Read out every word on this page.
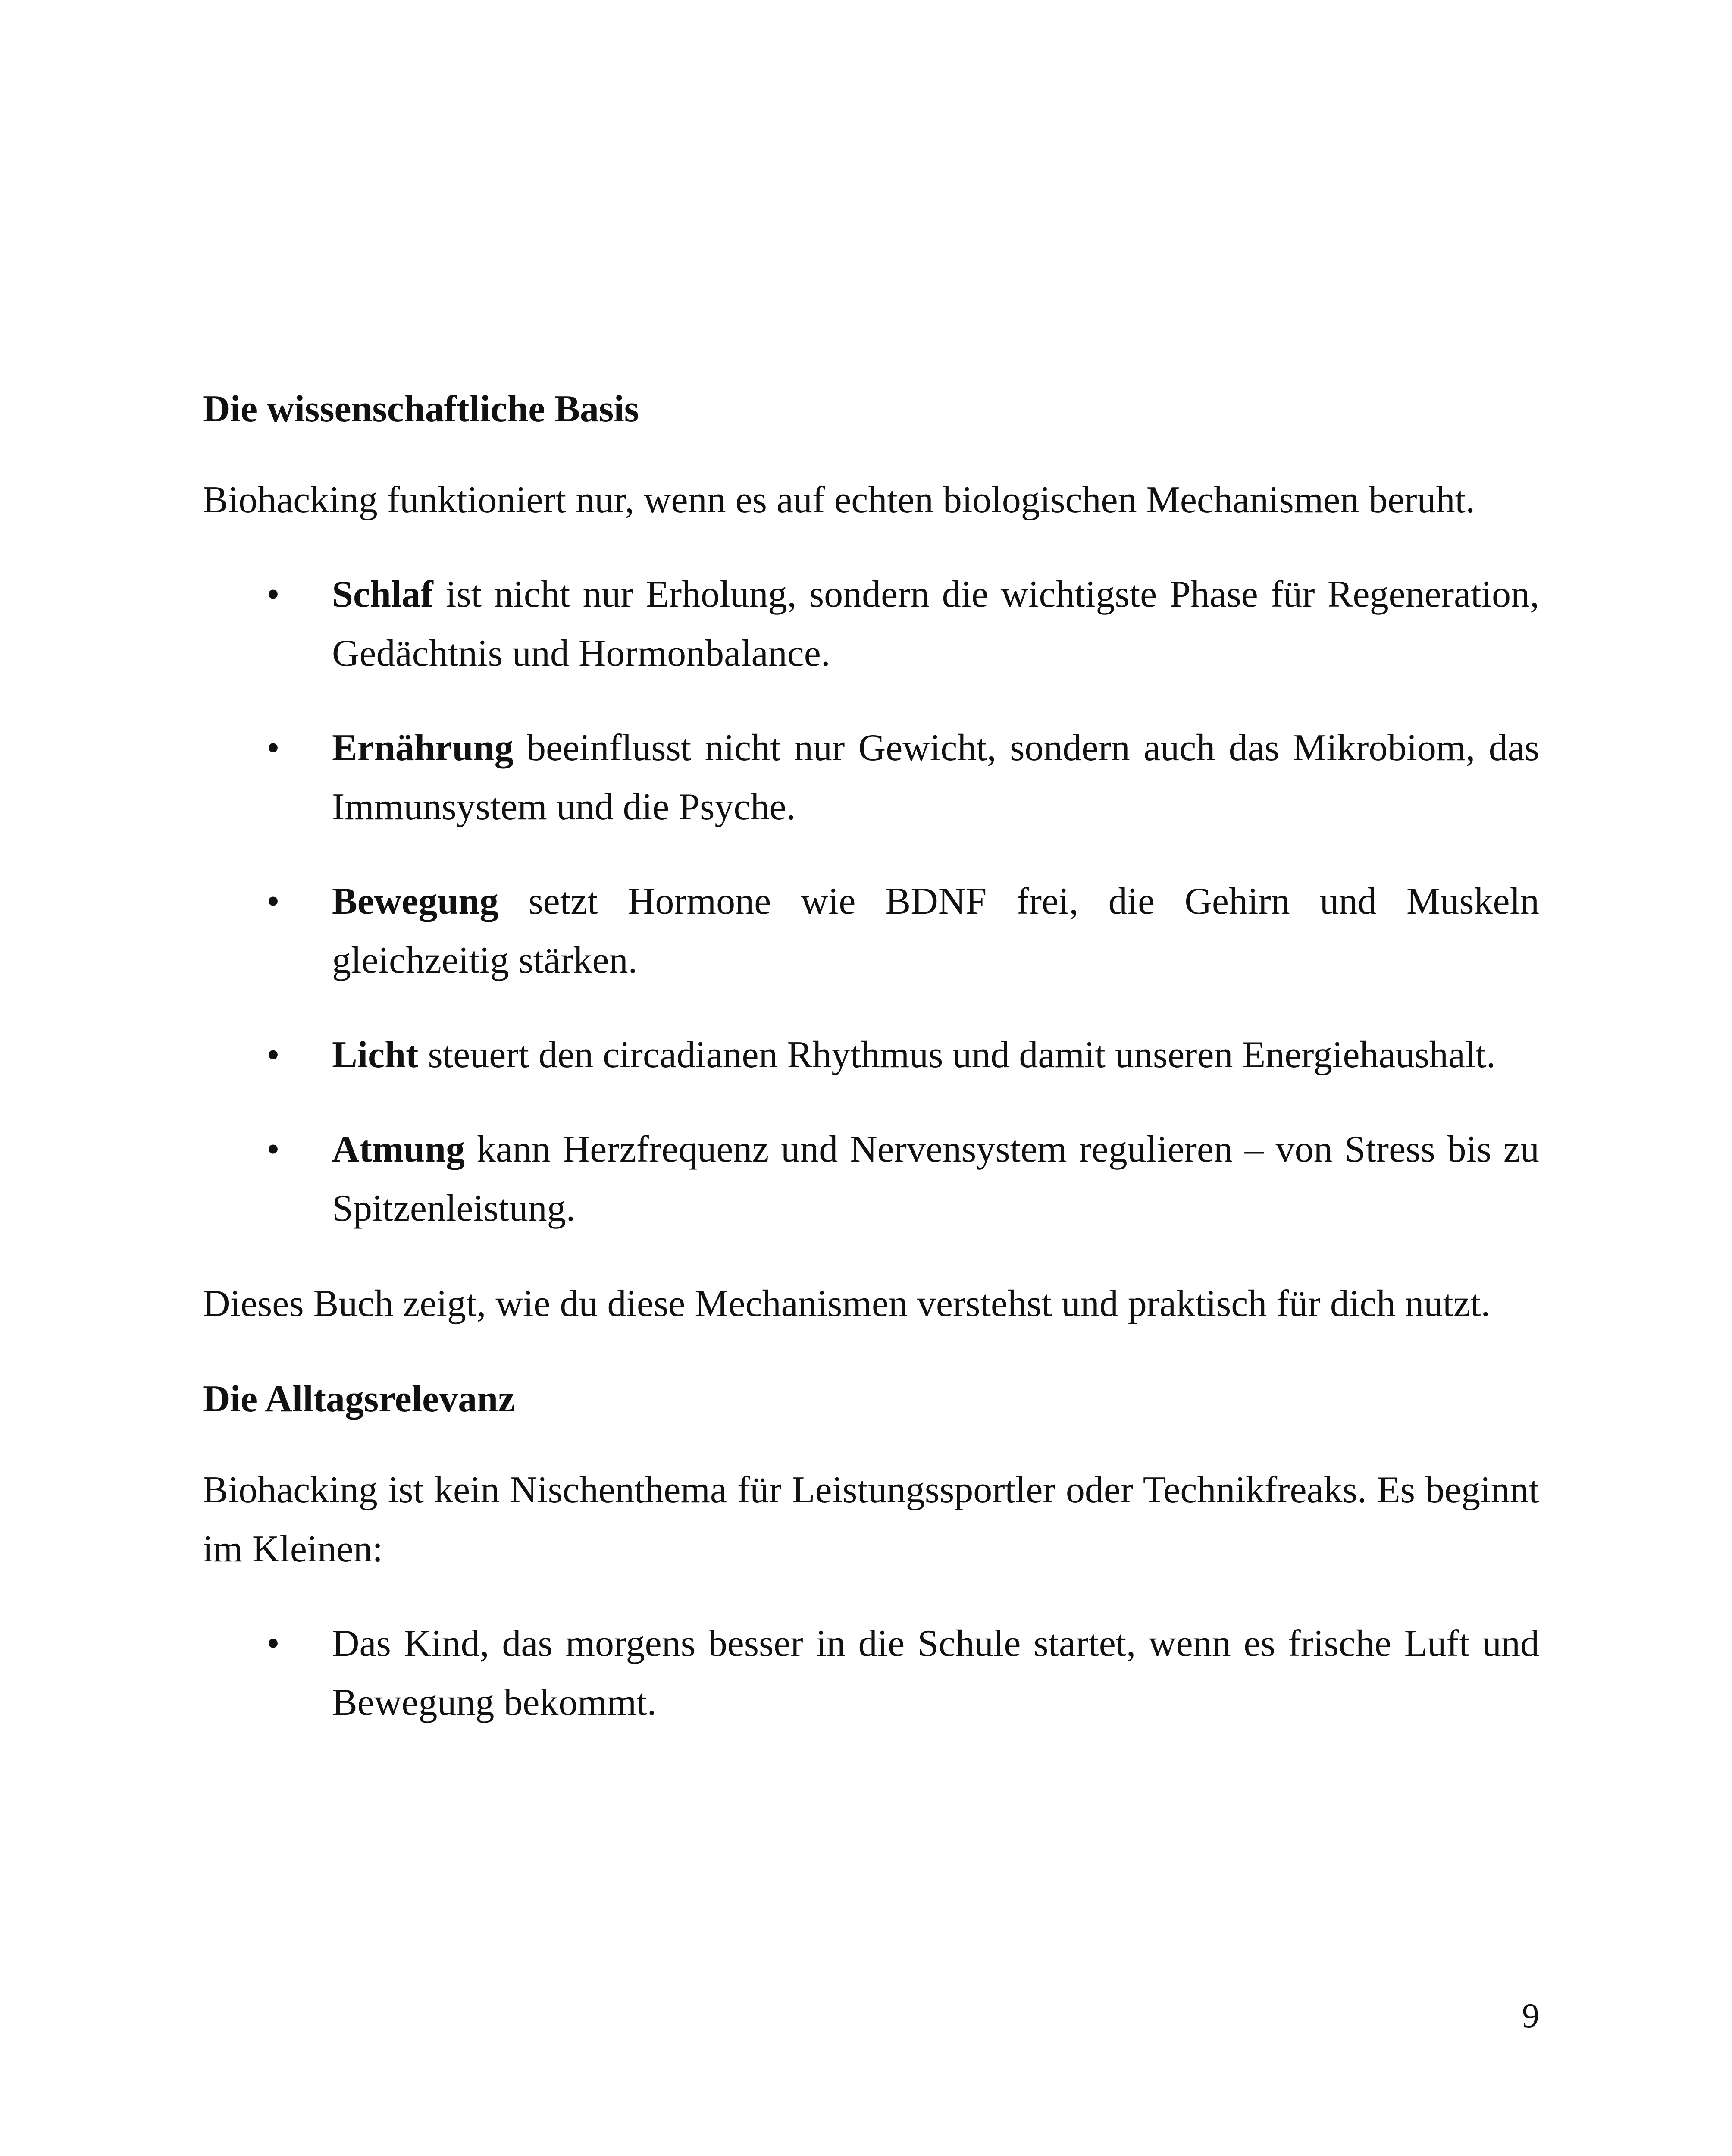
Die wissenschaftliche Basis

Biohacking funktioniert nur, wenn es auf echten biologischen Mechanismen beruht.

• Schlaf ist nicht nur Erholung, sondern die wichtigste Phase für Regeneration, Gedächtnis und Hormonbalance.
• Ernährung beeinflusst nicht nur Gewicht, sondern auch das Mikrobiom, das Immunsystem und die Psyche.
• Bewegung setzt Hormone wie BDNF frei, die Gehirn und Muskeln gleichzeitig stärken.
• Licht steuert den circadianen Rhythmus und damit unseren Energiehaushalt.
• Atmung kann Herzfrequenz und Nervensystem regulieren – von Stress bis zu Spitzenleistung.

Dieses Buch zeigt, wie du diese Mechanismen verstehst und praktisch für dich nutzt.

Die Alltagsrelevanz

Biohacking ist kein Nischenthema für Leistungssportler oder Technikfreaks. Es beginnt im Kleinen:

• Das Kind, das morgens besser in die Schule startet, wenn es frische Luft und Bewegung bekommt.
9
